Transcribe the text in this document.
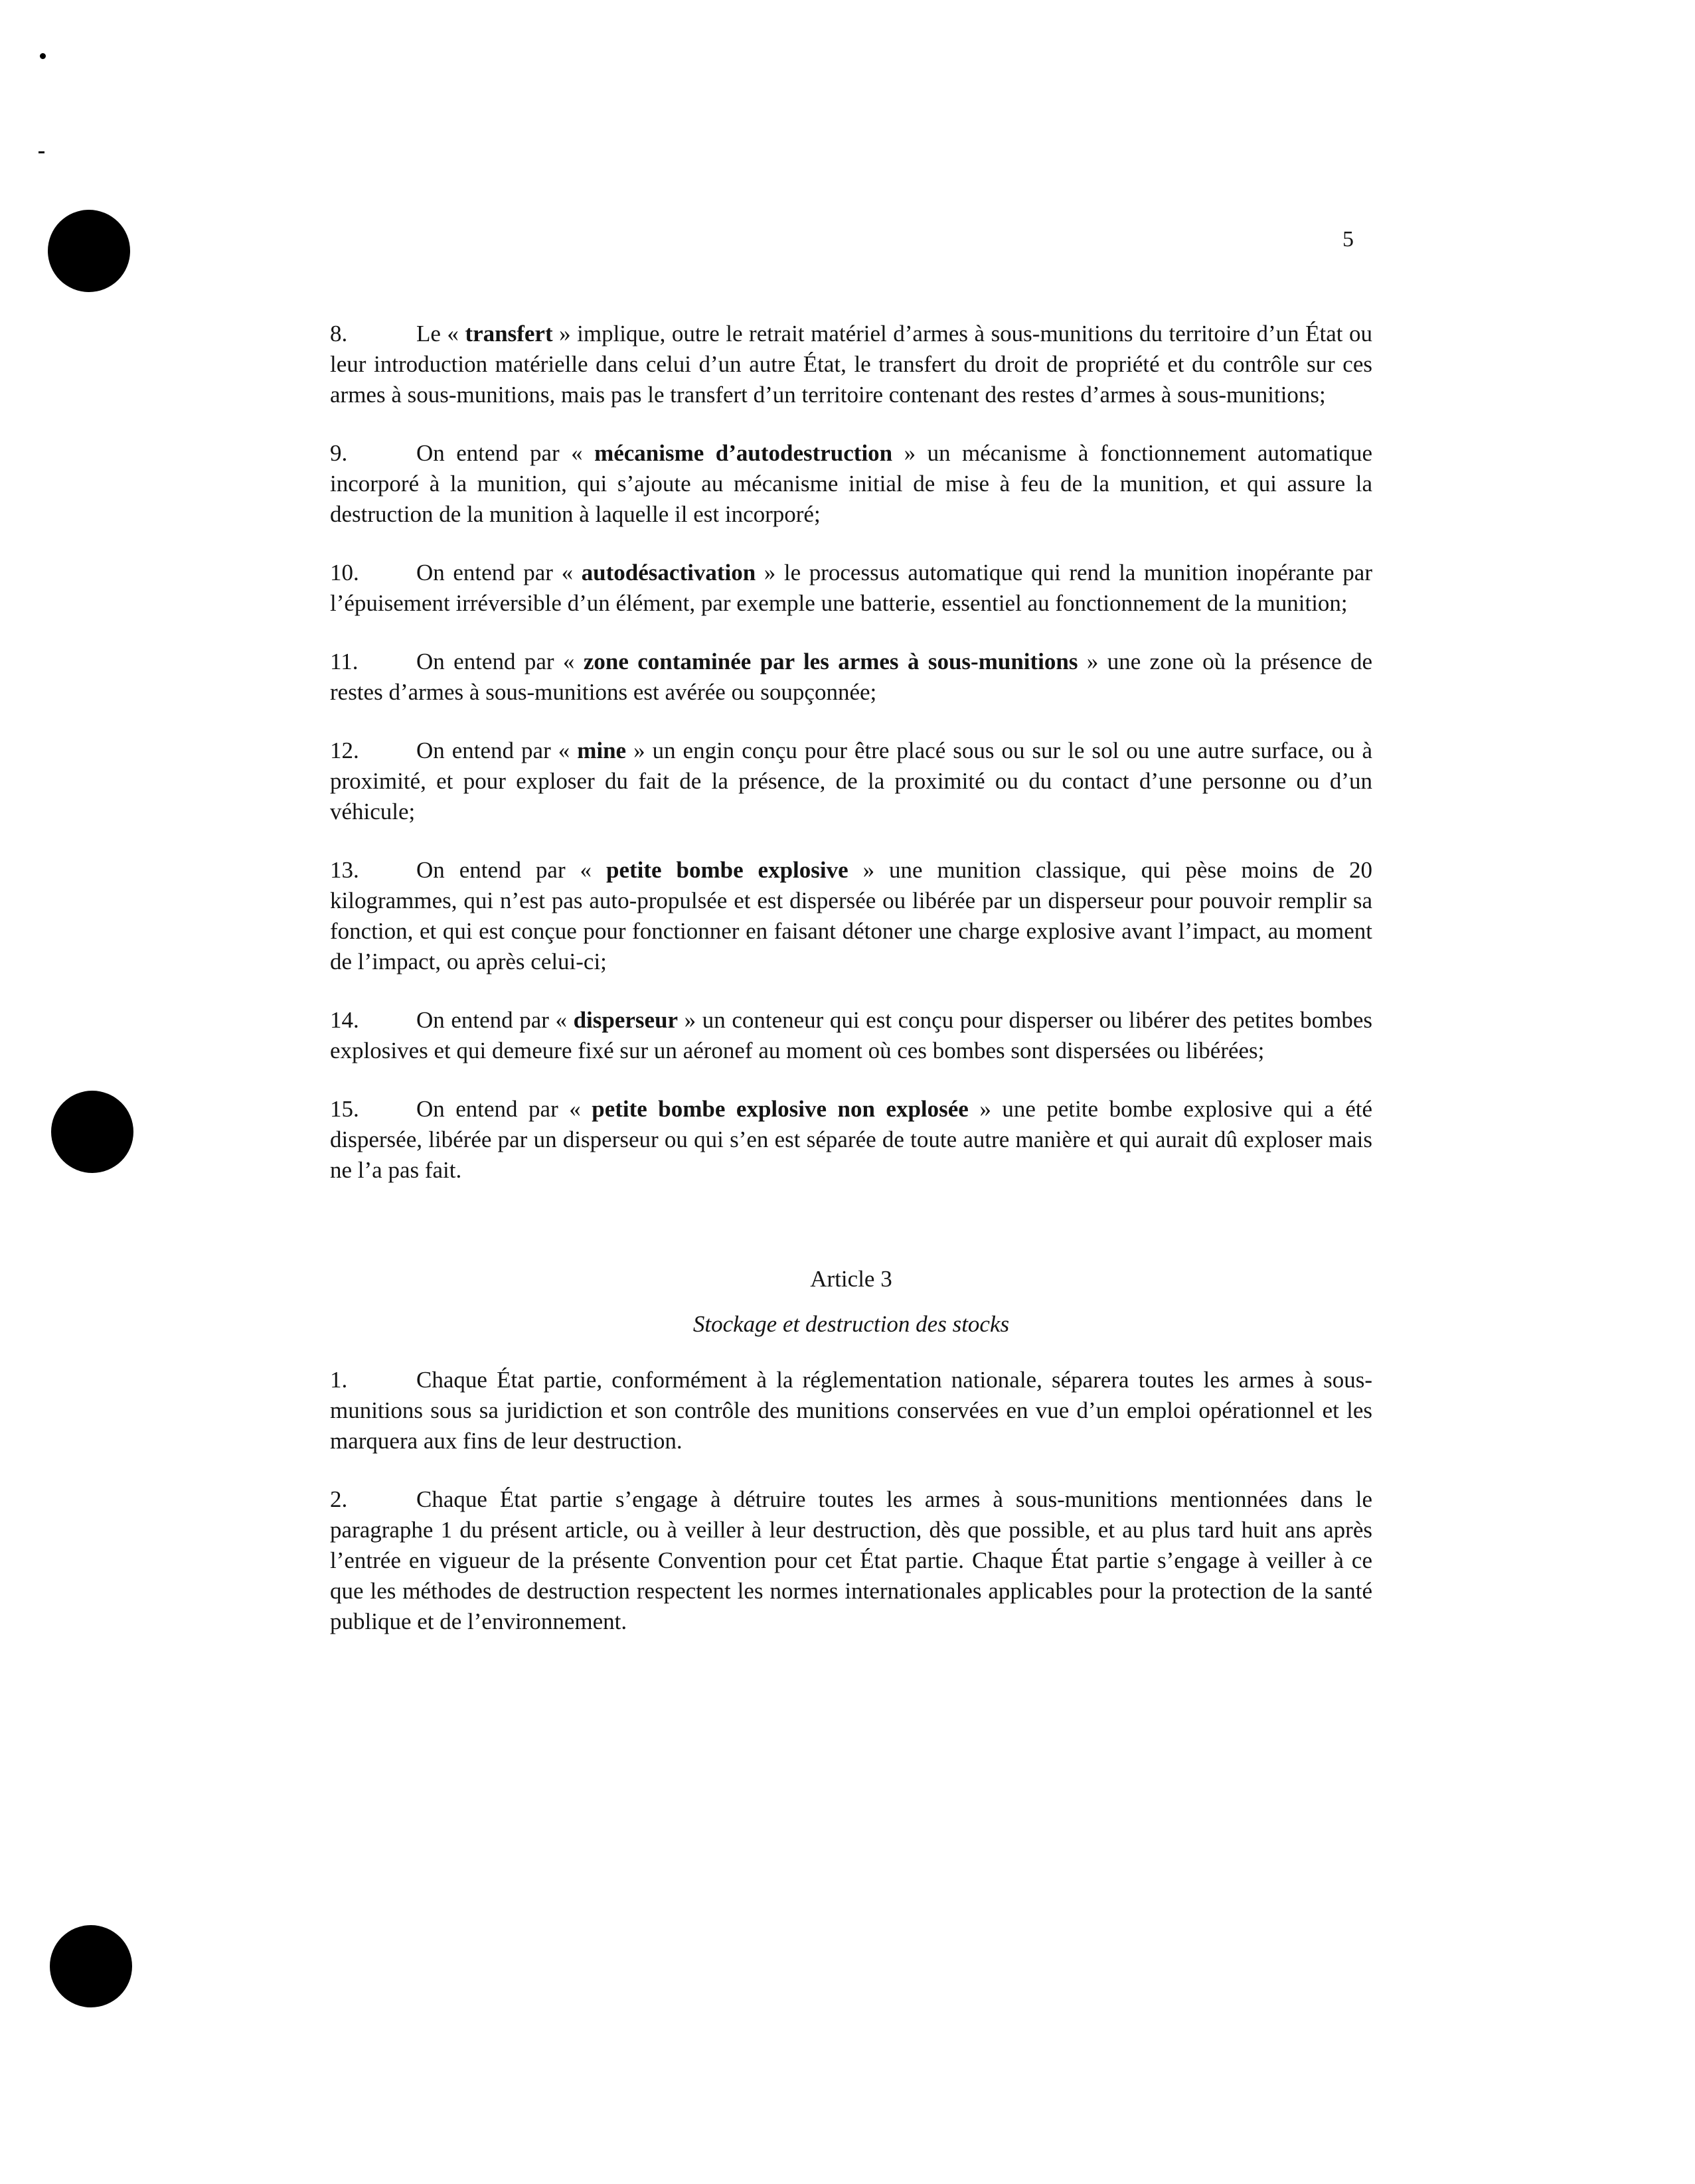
5

8.	Le « transfert » implique, outre le retrait matériel d’armes à sous-munitions du territoire d’un État ou leur introduction matérielle dans celui d’un autre État, le transfert du droit de propriété et du contrôle sur ces armes à sous-munitions, mais pas le transfert d’un territoire contenant des restes d’armes à sous-munitions;

9.	On entend par « mécanisme d’autodestruction » un mécanisme à fonctionnement automatique incorporé à la munition, qui s’ajoute au mécanisme initial de mise à feu de la munition, et qui assure la destruction de la munition à laquelle il est incorporé;

10. On entend par « autodésactivation » le processus automatique qui rend la munition inopérante par l’épuisement irréversible d’un élément, par exemple une batterie, essentiel au fonctionnement de la munition;

11.	On entend par « zone contaminée par les armes à sous-munitions » une zone où la présence de restes d’armes à sous-munitions est avérée ou soupçonnée;

12. On entend par « mine » un engin conçu pour être placé sous ou sur le sol ou une autre surface, ou à proximité, et pour exploser du fait de la présence, de la proximité ou du contact d’une personne ou d’un véhicule;

13. On entend par « petite bombe explosive » une munition classique, qui pèse moins de 20 kilogrammes, qui n’est pas auto-propulsée et est dispersée ou libérée par un disperseur pour pouvoir remplir sa fonction, et qui est conçue pour fonctionner en faisant détoner une charge explosive avant l’impact, au moment de l’impact, ou après celui-ci;

14. On entend par « disperseur » un conteneur qui est conçu pour disperser ou libérer des petites bombes explosives et qui demeure fixé sur un aéronef au moment où ces bombes sont dispersées ou libérées;

15. On entend par « petite bombe explosive non explosée » une petite bombe explosive qui a été dispersée, libérée par un disperseur ou qui s’en est séparée de toute autre manière et qui aurait dû exploser mais ne l’a pas fait.

Article 3
Stockage et destruction des stocks

1.	Chaque État partie, conformément à la réglementation nationale, séparera toutes les armes à sous-munitions sous sa juridiction et son contrôle des munitions conservées en vue d’un emploi opérationnel et les marquera aux fins de leur destruction.

2.	Chaque État partie s’engage à détruire toutes les armes à sous-munitions mentionnées dans le paragraphe 1 du présent article, ou à veiller à leur destruction, dès que possible, et au plus tard huit ans après l’entrée en vigueur de la présente Convention pour cet État partie. Chaque État partie s’engage à veiller à ce que les méthodes de destruction respectent les normes internationales applicables pour la protection de la santé publique et de l’environnement.
